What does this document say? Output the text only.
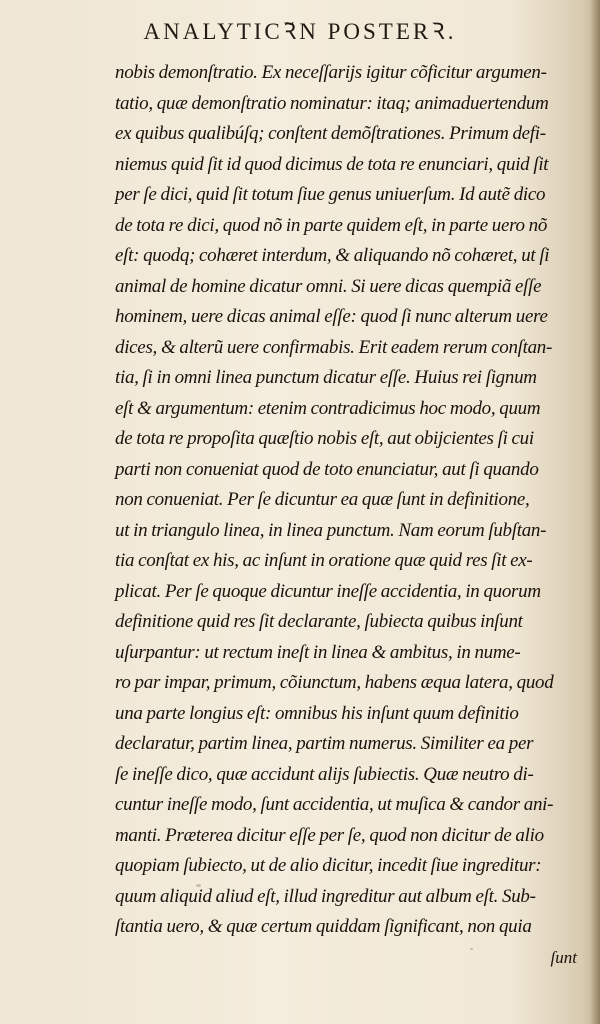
ANALYTICꝚ̃N POSTERꝚ.
nobis demonſtratio. Ex neceſſarijs igitur cõficitur argumen-
tatio, quæ demonſtratio nominatur: itaq; animaduertendum
ex quibus qualibúſq; conſtent demõſtrationes. Primum defi-
niemus quid ſit id quod dicimus de tota re enunciari, quid ſit
per ſe dici, quid ſit totum ſiue genus uniuerſum. Id autẽ dico
de tota re dici, quod nõ in parte quidem eſt, in parte uero nõ
eſt: quodq; cohæret interdum, & aliquando nõ cohæret, ut ſi
animal de homine dicatur omni. Si uere dicas quempiã eſſe
hominem, uere dicas animal eſſe: quod ſi nunc alterum uere
dices, & alterũ uere confirmabis. Erit eadem rerum conſtan-
tia, ſi in omni linea punctum dicatur eſſe. Huius rei ſignum
eſt & argumentum: etenim contradicimus hoc modo, quum
de tota re propoſita quæſtio nobis eſt, aut obijcientes ſi cui
parti non conueniat quod de toto enunciatur, aut ſi quando
non conueniat. Per ſe dicuntur ea quæ ſunt in definitione,
ut in triangulo linea, in linea punctum. Nam eorum ſubſtan-
tia conſtat ex his, ac inſunt in oratione quæ quid res ſit ex-
plicat. Per ſe quoque dicuntur ineſſe accidentia, in quorum
definitione quid res ſit declarante, ſubiecta quibus inſunt
uſurpantur: ut rectum ineſt in linea & ambitus, in nume-
ro par impar, primum, cõiunctum, habens æqua latera, quod
una parte longius eſt: omnibus his inſunt quum definitio
declaratur, partim linea, partim numerus. Similiter ea per
ſe ineſſe dico, quæ accidunt alijs ſubiectis. Quæ neutro di-
cuntur ineſſe modo, ſunt accidentia, ut muſica & candor ani-
manti. Præterea dicitur eſſe per ſe, quod non dicitur de alio
quopiam ſubiecto, ut de alio dicitur, incedit ſiue ingreditur:
quum aliquid aliud eſt, illud ingreditur aut album eſt. Sub-
ſtantia uero, & quæ certum quiddam ſignificant, non quia
ſunt
